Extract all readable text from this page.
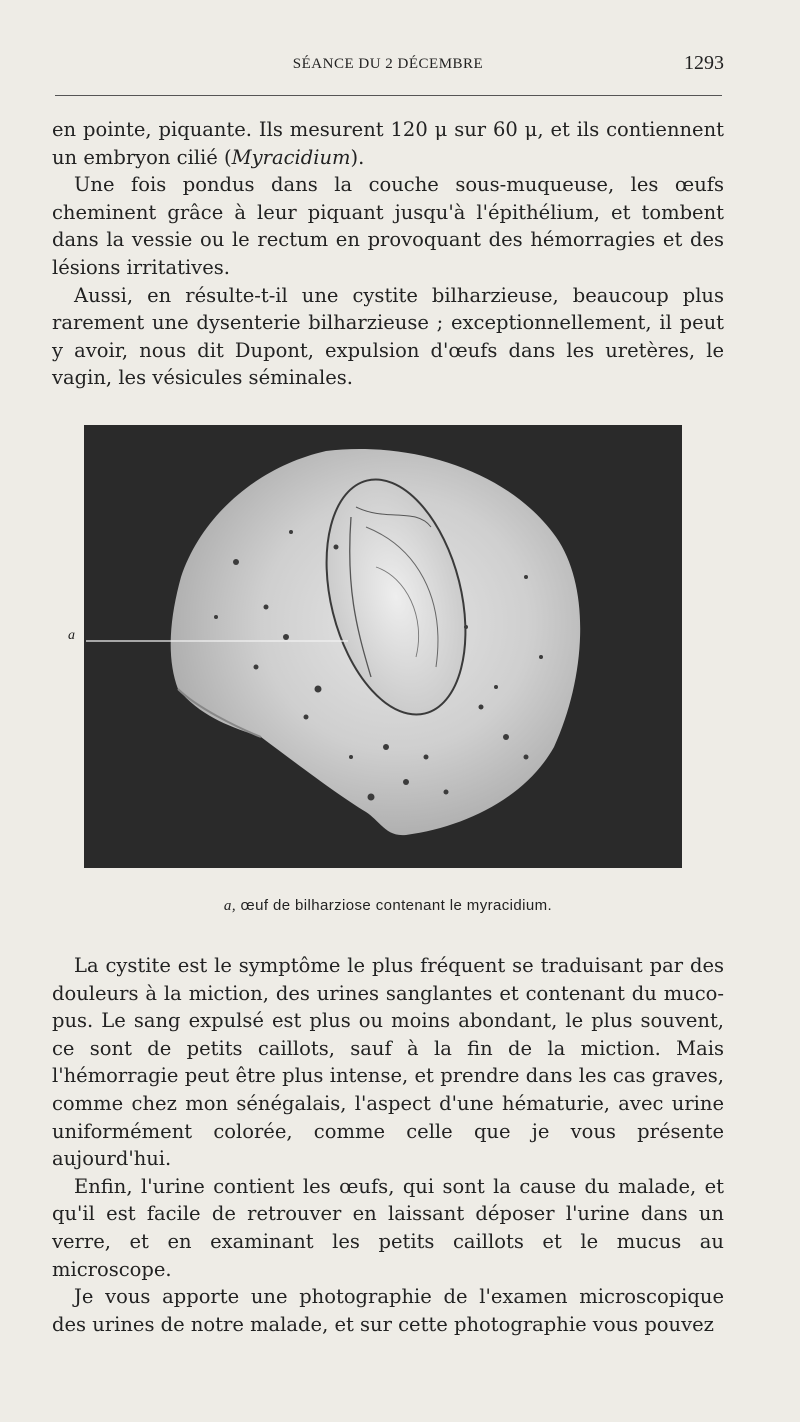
SÉANCE DU 2 DÉCEMBRE	1293

en pointe, piquante. Ils mesurent 120 μ sur 60 μ, et ils contiennent un embryon cilié (Myracidium).

Une fois pondus dans la couche sous-muqueuse, les œufs cheminent grâce à leur piquant jusqu'à l'épithélium, et tombent dans la vessie ou le rectum en provoquant des hémorragies et des lésions irritatives.

Aussi, en résulte-t-il une cystite bilharzieuse, beaucoup plus rarement une dysenterie bilharzieuse ; exceptionnellement, il peut y avoir, nous dit Dupont, expulsion d'œufs dans les uretères, le vagin, les vésicules séminales.

a
a, œuf de bilharziose contenant le myracidium.

La cystite est le symptôme le plus fréquent se traduisant par des douleurs à la miction, des urines sanglantes et contenant du muco-pus. Le sang expulsé est plus ou moins abondant, le plus souvent, ce sont de petits caillots, sauf à la fin de la miction. Mais l'hémorragie peut être plus intense, et prendre dans les cas graves, comme chez mon sénégalais, l'aspect d'une hématurie, avec urine uniformément colorée, comme celle que je vous présente aujourd'hui.

Enfin, l'urine contient les œufs, qui sont la cause du malade, et qu'il est facile de retrouver en laissant déposer l'urine dans un verre, et en examinant les petits caillots et le mucus au microscope.

Je vous apporte une photographie de l'examen microscopique des urines de notre malade, et sur cette photographie vous pouvez
